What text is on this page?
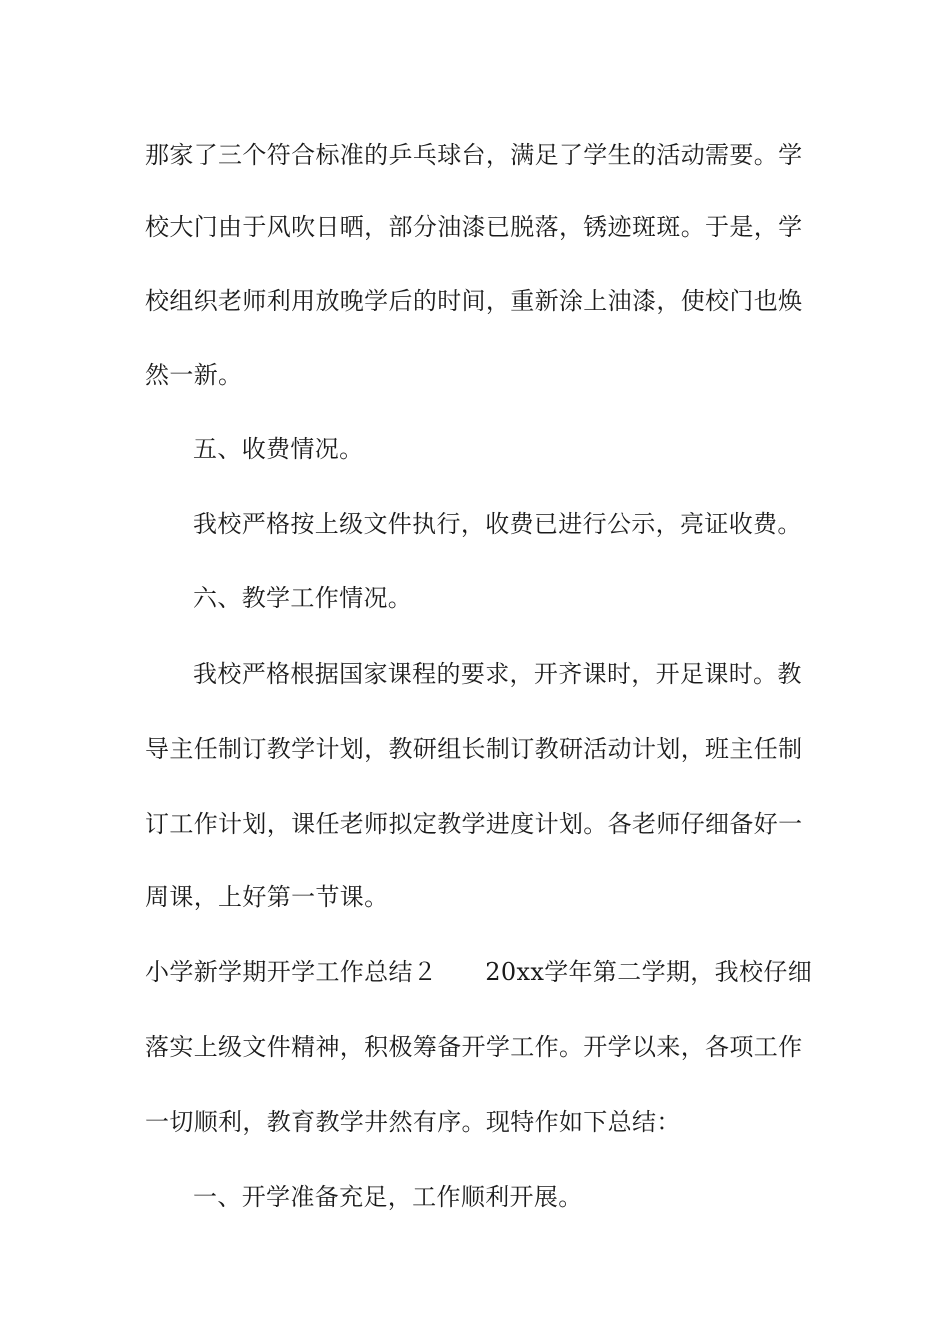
那家了三个符合标准的乒乓球台，满足了学生的活动需要。学
校大门由于风吹日晒，部分油漆已脱落，锈迹斑斑。于是，学
校组织老师利用放晚学后的时间，重新涂上油漆，使校门也焕
然一新。
五、收费情况。
我校严格按上级文件执行，收费已进行公示，亮证收费。
六、教学工作情况。
我校严格根据国家课程的要求，开齐课时，开足课时。教
导主任制订教学计划，教研组长制订教研活动计划，班主任制
订工作计划，课任老师拟定教学进度计划。各老师仔细备好一
周课，上好第一节课。
小学新学期开学工作总结２ 20xx学年第二学期，我校仔细
落实上级文件精神，积极筹备开学工作。开学以来，各项工作
一切顺利，教育教学井然有序。现特作如下总结：
一、开学准备充足，工作顺利开展。
